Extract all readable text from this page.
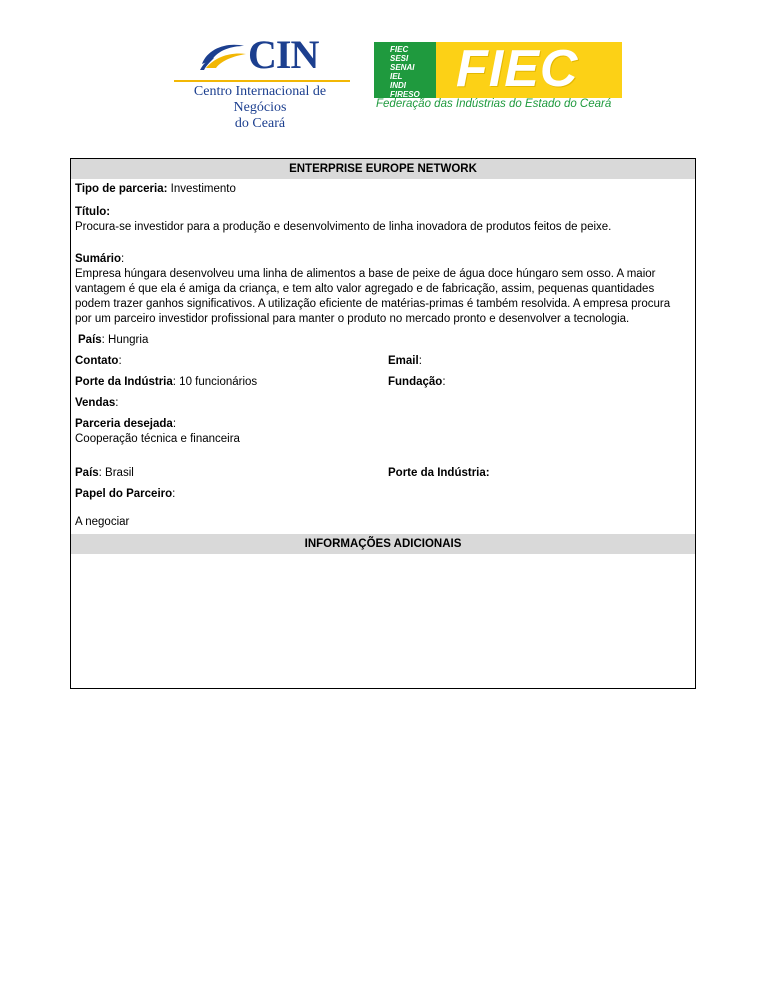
CIN
Centro Internacional de Negócios
do Ceará
FIEC
SESI
SENAI
IEL
INDI
FIRESO FIEC
Federação das Indústrias do Estado do Ceará
ENTERPRISE EUROPE NETWORK
Tipo de parceria: Investimento
Título:
Procura-se investidor para a produção e desenvolvimento de linha inovadora de produtos feitos de peixe.
Sumário:
Empresa húngara desenvolveu uma linha de alimentos a base de peixe de água doce húngaro sem osso. A maior
vantagem é que ela é amiga da criança, e tem alto valor agregado e de fabricação, assim, pequenas quantidades
podem trazer ganhos significativos. A utilização eficiente de matérias-primas é também resolvida. A empresa procura
por um parceiro investidor profissional para manter o produto no mercado pronto e desenvolver a tecnologia.
País: Hungria
Contato:	Email:
Porte da Indústria: 10 funcionários	Fundação:
Vendas:
Parceria desejada:
Cooperação técnica e financeira
País: Brasil	Porte da Indústria:
Papel do Parceiro:
A negociar
INFORMAÇÕES ADICIONAIS
